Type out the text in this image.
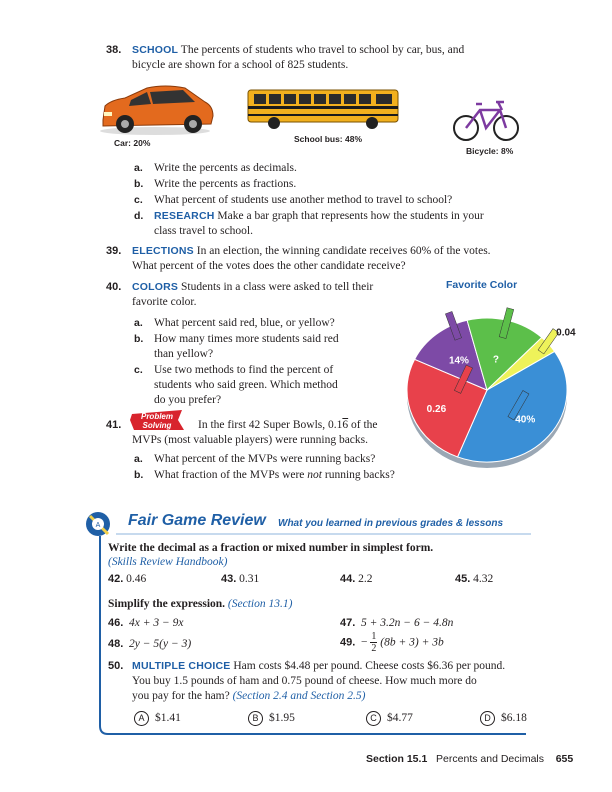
38. SCHOOL The percents of students who travel to school by car, bus, and
bicycle are shown for a school of 825 students.
Car: 20%	School bus: 48%
Bicycle: 8%
a. Write the percents as decimals.
b. Write the percents as fractions.
c. What percent of students use another method to travel to school?
d. RESEARCH Make a bar graph that represents how the students in your
class travel to school.
39. ELECTIONS In an election, the winning candidate receives 60% of the votes.
What percent of the votes does the other candidate receive?
40. COLORS Students in a class were asked to tell their
favorite color.
a. What percent said red, blue, or yellow?
b. How many times more students said red
than yellow?
c. Use two methods to find the percent of
students who said green. Which method
do you prefer?
Favorite Color
40%
0.26
14% ?
0.04
41.
Problem
Solving In the first 42 Super Bowls, 0.16 of the
MVPs (most valuable players) were running backs.
a. What percent of the MVPs were running backs?
b. What fraction of the MVPs were not running backs?
A Fair Game Review What you learned in previous grades & lessons
Write the decimal as a fraction or mixed number in simplest form.
(Skills Review Handbook)
42. 0.46	43. 0.31	44. 2.2	45. 4.32
Simplify the expression. (Section 13.1)
46. 4x + 3 − 9x	47. 5 + 3.2n − 6 − 4.8n
48. 2y − 5(y − 3)	49. − $\frac{1}{2} (8b + 3) + 3b$
50. MULTIPLE CHOICE Ham costs $4.48 per pound. Cheese costs $6.36 per pound.
You buy 1.5 pounds of ham and 0.75 pound of cheese. How much more do
you pay for the ham? (Section 2.4 and Section 2.5)
A $1.41	B $1.95	C $4.77	D $6.18
Section 15.1 Percents and Decimals 655
